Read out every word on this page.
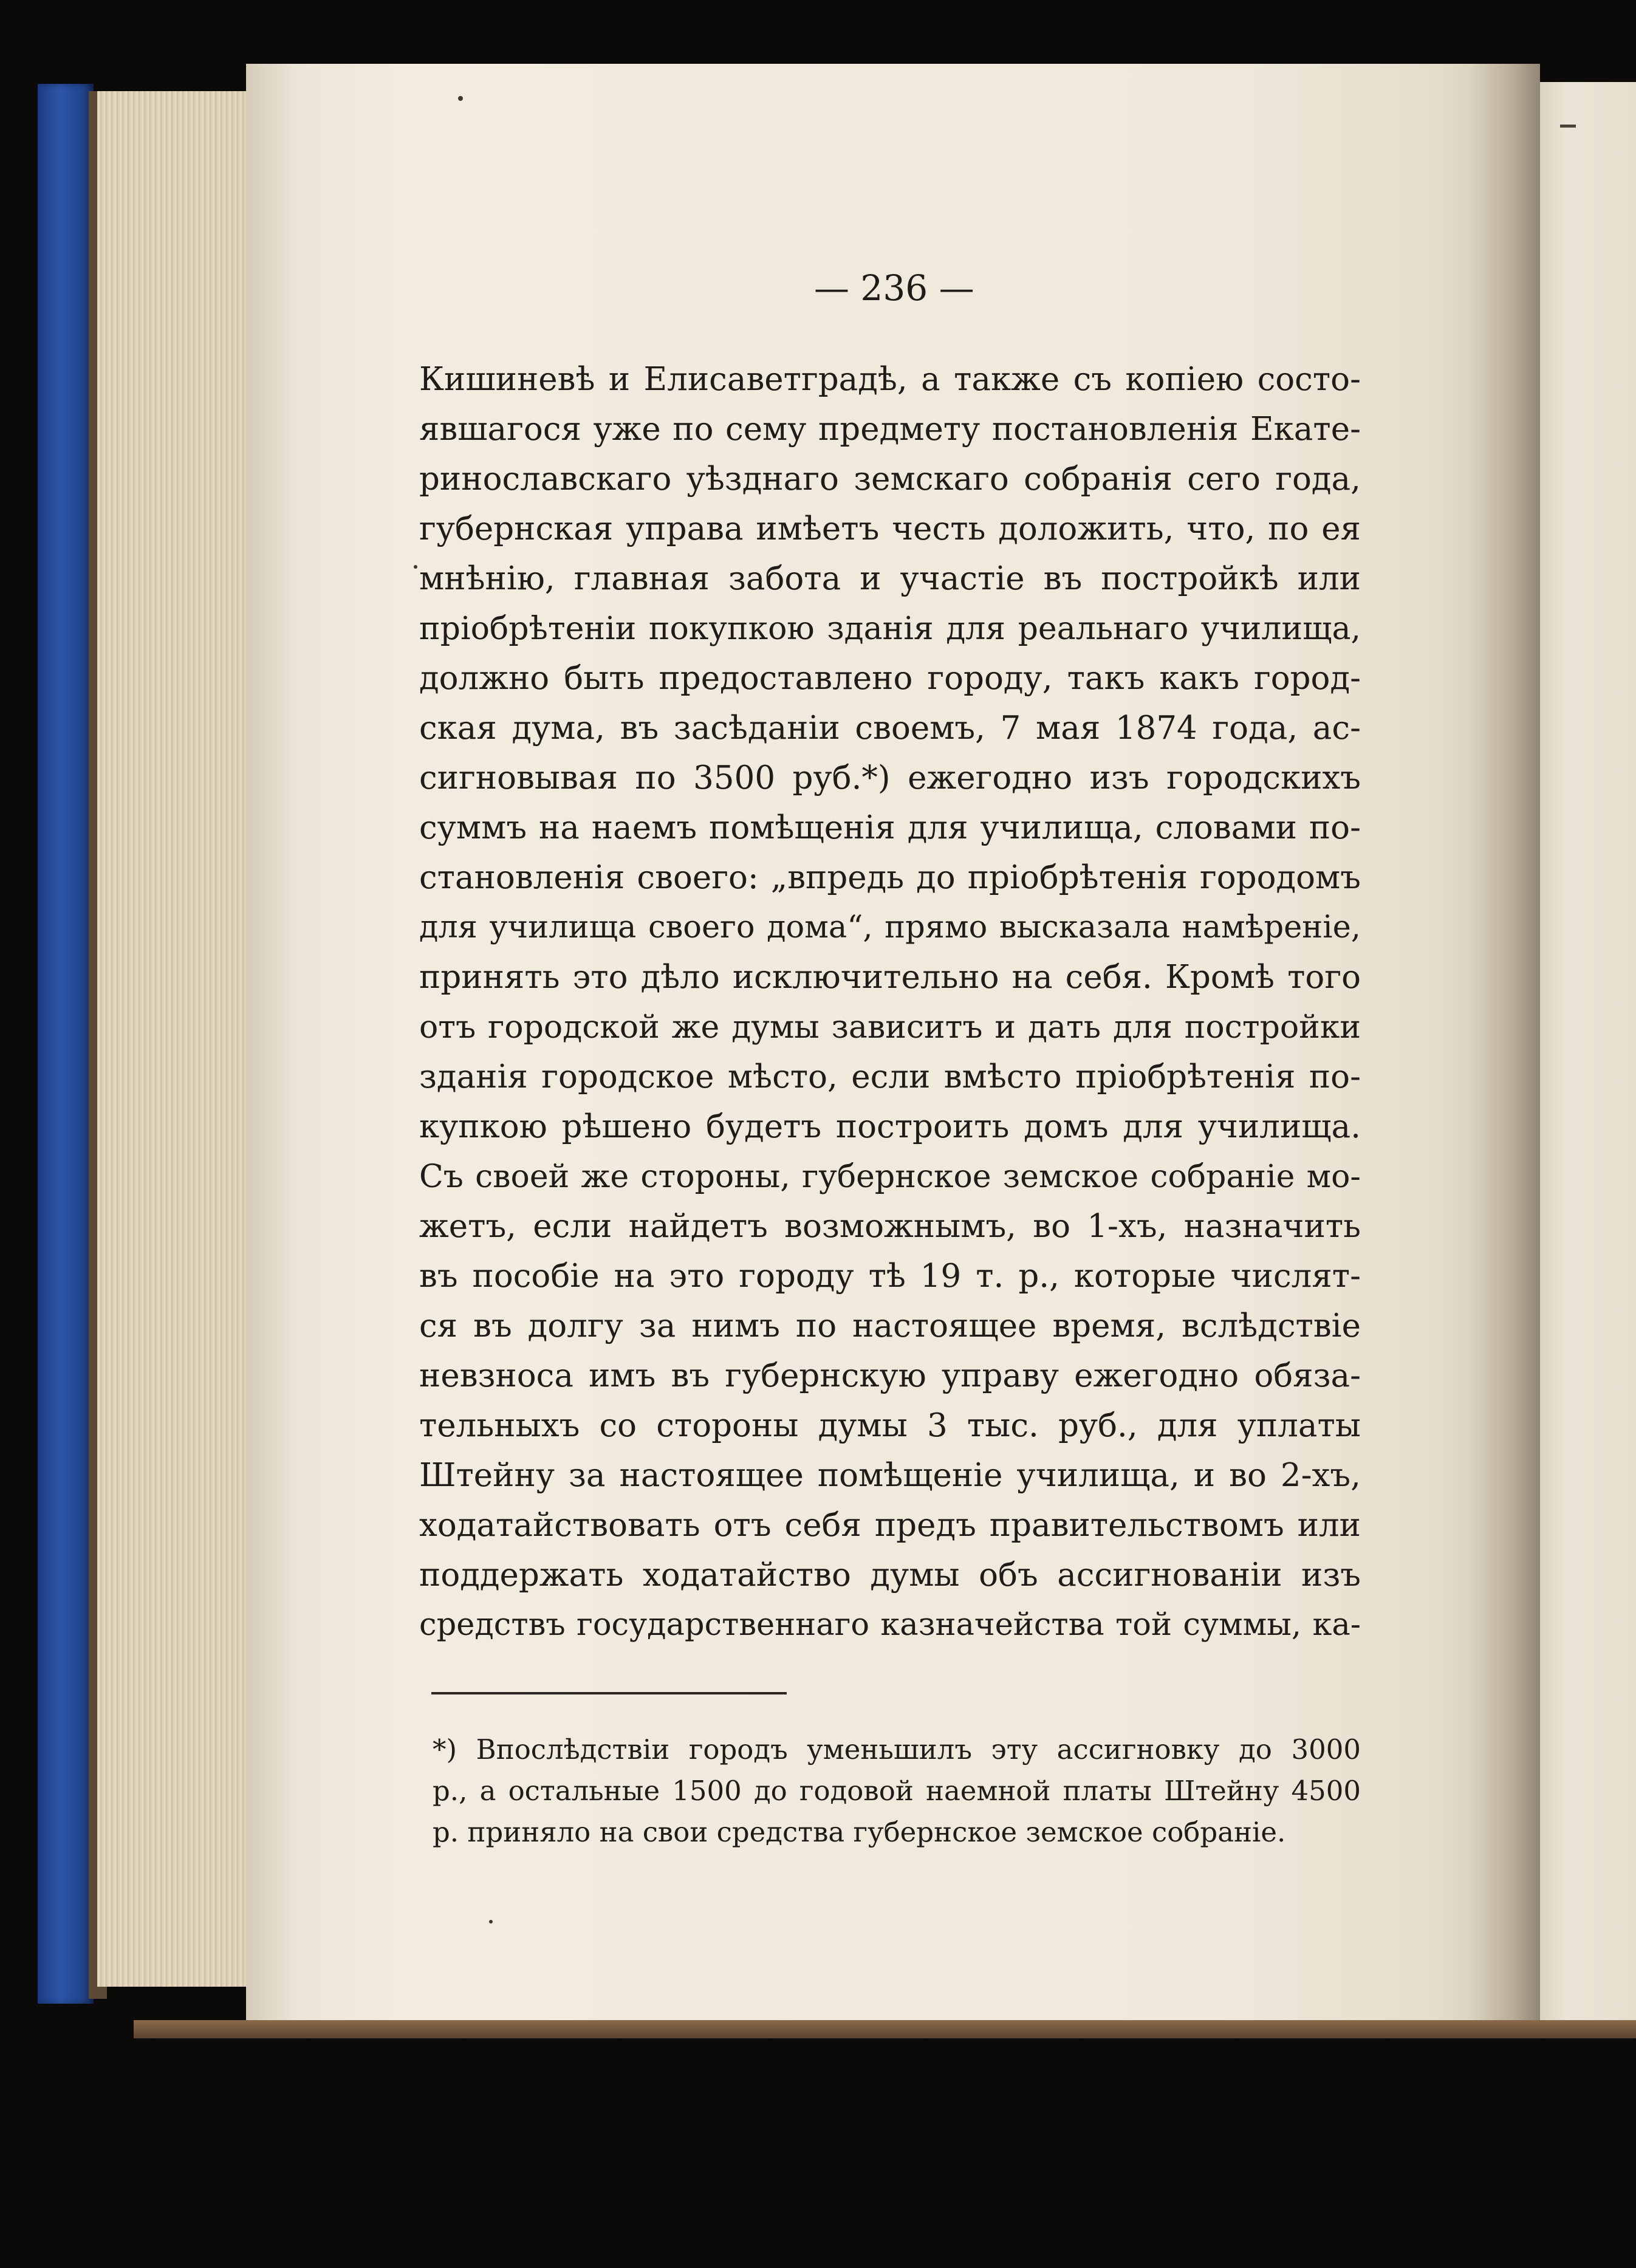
— 236 —
Кишиневѣ и Елисаветградѣ, а также съ копіею состо-
явшагося уже по сему предмету постановленія Екате-
ринославскаго уѣзднаго земскаго собранія сего года,
губернская управа имѣетъ честь доложить, что, по ея
мнѣнію, главная забота и участіе въ постройкѣ или
пріобрѣтеніи покупкою зданія для реальнаго училища,
должно быть предоставлено городу, такъ какъ город-
ская дума, въ засѣданіи своемъ, 7 мая 1874 года, ас-
сигновывая по 3500 руб.*) ежегодно изъ городскихъ
суммъ на наемъ помѣщенія для училища, словами по-
становленія своего: „впредь до пріобрѣтенія городомъ
для училища своего дома“, прямо высказала намѣреніе,
принять это дѣло исключительно на себя. Кромѣ того
отъ городской же думы зависитъ и дать для постройки
зданія городское мѣсто, если вмѣсто пріобрѣтенія по-
купкою рѣшено будетъ построить домъ для училища.
Съ своей же стороны, губернское земское собраніе мо-
жетъ, если найдетъ возможнымъ, во 1-хъ, назначить
въ пособіе на это городу тѣ 19 т. р., которые числят-
ся въ долгу за нимъ по настоящее время, вслѣдствіе
невзноса имъ въ губернскую управу ежегодно обяза-
тельныхъ со стороны думы 3 тыс. руб., для уплаты
Штейну за настоящее помѣщеніе училища, и во 2-хъ,
ходатайствовать отъ себя предъ правительствомъ или
поддержать ходатайство думы объ ассигнованіи изъ
средствъ государственнаго казначейства той суммы, ка-
*) Впослѣдствіи городъ уменьшилъ эту ассигновку до 3000
р., а остальные 1500 до годовой наемной платы Штейну 4500
р. приняло на свои средства губернское земское собраніе.
